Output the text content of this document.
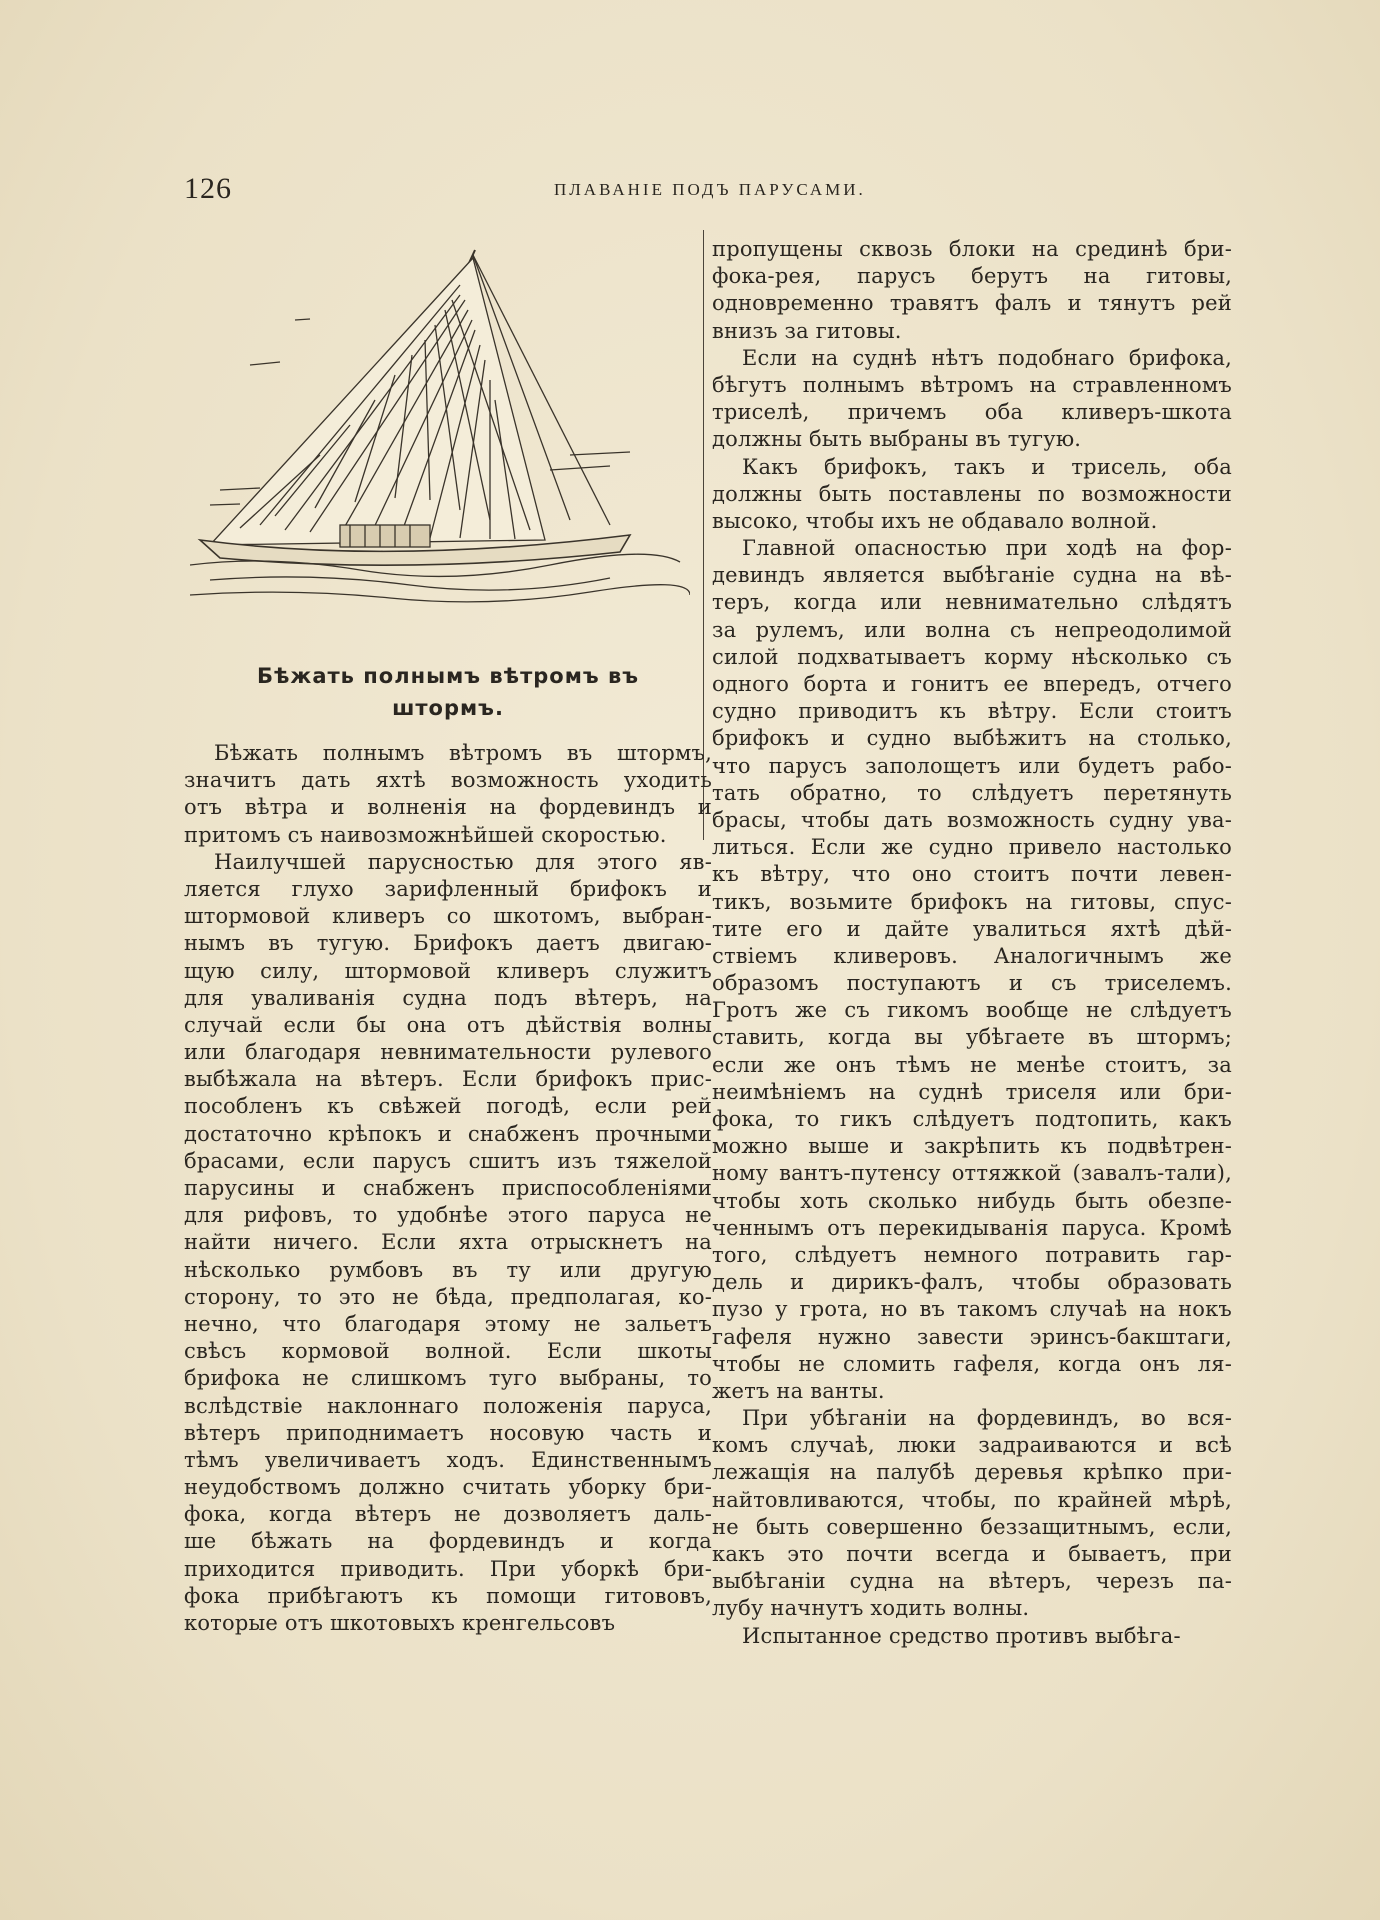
126	ПЛАВАНІЕ ПОДЪ ПАРУСАМИ.
Бѣжать полнымъ вѣтромъ въ
штормъ.
Бѣжать полнымъ вѣтромъ въ штормъ,
значитъ дать яхтѣ возможность уходить
отъ вѣтра и волненія на фордевиндъ и
притомъ съ наивозможнѣйшей скоростью.
Наилучшей парусностью для этого яв-
ляется глухо зарифленный брифокъ и
штормовой кливеръ со шкотомъ, выбран-
нымъ въ тугую. Брифокъ даетъ двигаю-
щую силу, штормовой кливеръ служитъ
для уваливанія судна подъ вѣтеръ, на
случай если бы она отъ дѣйствія волны
или благодаря невнимательности рулевого
выбѣжала на вѣтеръ. Если брифокъ прис-
пособленъ къ свѣжей погодѣ, если рей
достаточно крѣпокъ и снабженъ прочными
брасами, если парусъ сшитъ изъ тяжелой
парусины и снабженъ приспособленіями
для рифовъ, то удобнѣе этого паруса не
найти ничего. Если яхта отрыскнетъ на
нѣсколько румбовъ въ ту или другую
сторону, то это не бѣда, предполагая, ко-
нечно, что благодаря этому не зальетъ
свѣсъ кормовой волной. Если шкоты
брифока не слишкомъ туго выбраны, то
вслѣдствіе наклоннаго положенія паруса,
вѣтеръ приподнимаетъ носовую часть и
тѣмъ увеличиваетъ ходъ. Единственнымъ
неудобствомъ должно считать уборку бри-
фока, когда вѣтеръ не дозволяетъ даль-
ше бѣжать на фордевиндъ и когда
приходится приводить. При уборкѣ бри-
фока прибѣгаютъ къ помощи гитововъ,
которые отъ шкотовыхъ кренгельсовъ
пропущены сквозь блоки на срединѣ бри-
фока-рея, парусъ берутъ на гитовы,
одновременно травятъ фалъ и тянутъ рей
внизъ за гитовы.
Если на суднѣ нѣтъ подобнаго брифока,
бѣгутъ полнымъ вѣтромъ на стравленномъ
триселѣ, причемъ оба кливеръ-шкота
должны быть выбраны въ тугую.
Какъ брифокъ, такъ и трисель, оба
должны быть поставлены по возможности
высоко, чтобы ихъ не обдавало волной.
Главной опасностью при ходѣ на фор-
девиндъ является выбѣганіе судна на вѣ-
теръ, когда или невнимательно слѣдятъ
за рулемъ, или волна съ непреодолимой
силой подхватываетъ корму нѣсколько съ
одного борта и гонитъ ее впередъ, отчего
судно приводитъ къ вѣтру. Если стоитъ
брифокъ и судно выбѣжитъ на столько,
что парусъ заполощетъ или будетъ рабо-
тать обратно, то слѣдуетъ перетянуть
брасы, чтобы дать возможность судну ува-
литься. Если же судно привело настолько
къ вѣтру, что оно стоитъ почти левен-
тикъ, возьмите брифокъ на гитовы, спус-
тите его и дайте увалиться яхтѣ дѣй-
ствіемъ кливеровъ. Аналогичнымъ же
образомъ поступаютъ и съ триселемъ.
Гротъ же съ гикомъ вообще не слѣдуетъ
ставить, когда вы убѣгаете въ штормъ;
если же онъ тѣмъ не менѣе стоитъ, за
неимѣніемъ на суднѣ триселя или бри-
фока, то гикъ слѣдуетъ подтопить, какъ
можно выше и закрѣпить къ подвѣтрен-
ному вантъ-путенсу оттяжкой (завалъ-тали),
чтобы хоть сколько нибудь быть обезпе-
ченнымъ отъ перекидыванія паруса. Кромѣ
того, слѣдуетъ немного потравить гар-
дель и дирикъ-фалъ, чтобы образовать
пузо у грота, но въ такомъ случаѣ на нокъ
гафеля нужно завести эринсъ-бакштаги,
чтобы не сломить гафеля, когда онъ ля-
жетъ на ванты.
При убѣганіи на фордевиндъ, во вся-
комъ случаѣ, люки задраиваются и всѣ
лежащія на палубѣ деревья крѣпко при-
найтовливаются, чтобы, по крайней мѣрѣ,
не быть совершенно беззащитнымъ, если,
какъ это почти всегда и бываетъ, при
выбѣганіи судна на вѣтеръ, черезъ па-
лубу начнутъ ходить волны.
Испытанное средство противъ выбѣга-
